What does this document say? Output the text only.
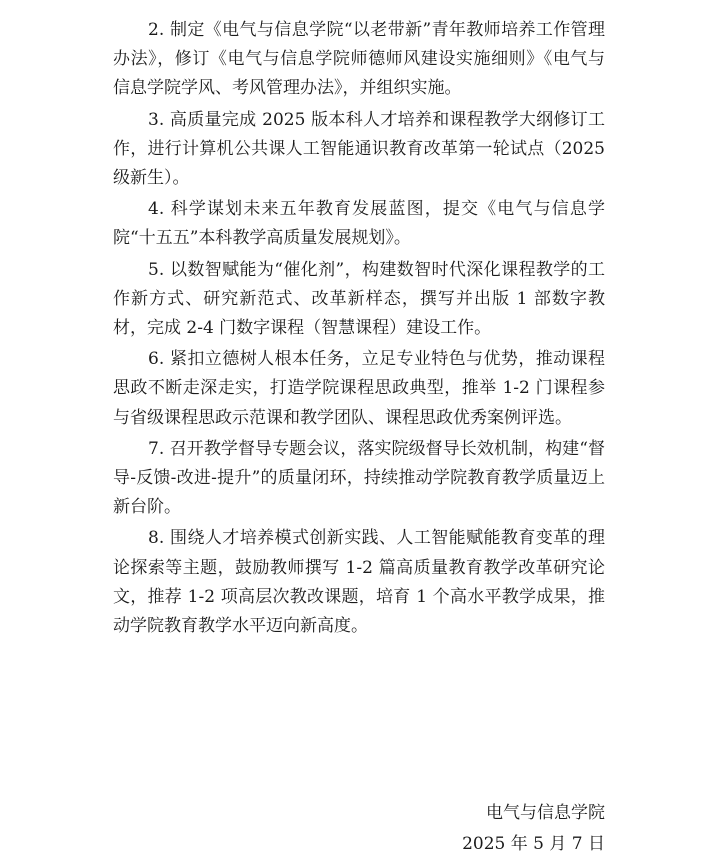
2. 制定《电气与信息学院“以老带新”青年教师培养工作管理办法》，修订《电气与信息学院师德师风建设实施细则》《电气与信息学院学风、考风管理办法》，并组织实施。

3. 高质量完成 2025 版本科人才培养和课程教学大纲修订工作，进行计算机公共课人工智能通识教育改革第一轮试点（2025 级新生）。

4. 科学谋划未来五年教育发展蓝图，提交《电气与信息学院“十五五”本科教学高质量发展规划》。

5. 以数智赋能为“催化剂”，构建数智时代深化课程教学的工作新方式、研究新范式、改革新样态，撰写并出版 1 部数字教材，完成 2-4 门数字课程（智慧课程）建设工作。

6. 紧扣立德树人根本任务，立足专业特色与优势，推动课程思政不断走深走实，打造学院课程思政典型，推举 1-2 门课程参与省级课程思政示范课和教学团队、课程思政优秀案例评选。

7. 召开教学督导专题会议，落实院级督导长效机制，构建“督导-反馈-改进-提升”的质量闭环，持续推动学院教育教学质量迈上新台阶。

8. 围绕人才培养模式创新实践、人工智能赋能教育变革的理论探索等主题，鼓励教师撰写 1-2 篇高质量教育教学改革研究论文，推荐 1-2 项高层次教改课题，培育 1 个高水平教学成果，推动学院教育教学水平迈向新高度。

电气与信息学院
2025 年 5 月 7 日
